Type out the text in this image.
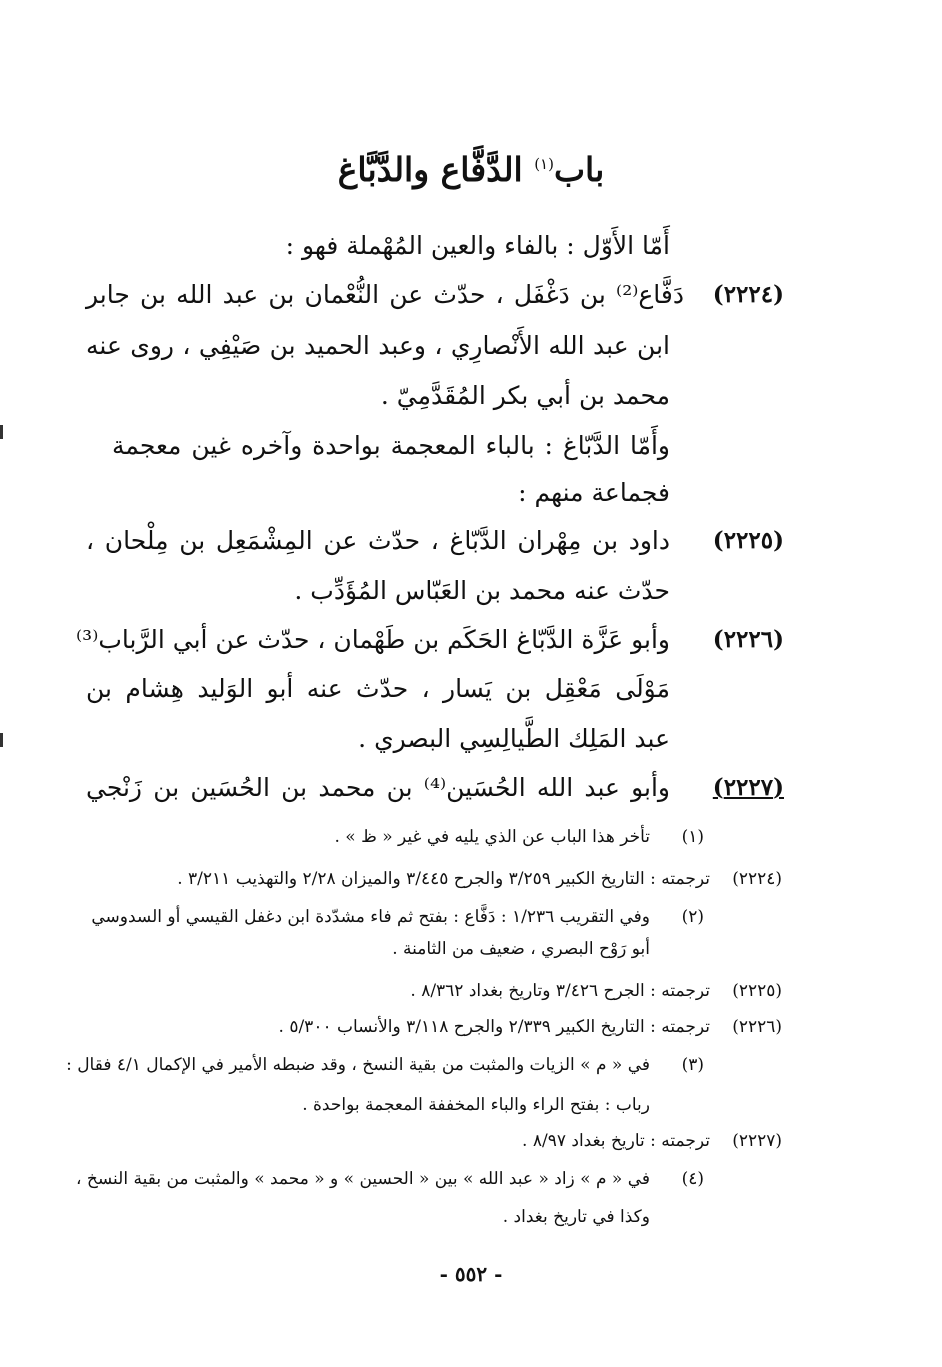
باب$^{(١)}$ الدَّفَّاع والدَّبَّاغ
أَمّا الأَوّل : بالفاء والعين المُهْملة فهو :
(٢٢٢٤)
دَفَّاع⁽²⁾ بن دَغْفَل ، حدّث عن النُّعْمان بن عبد الله بن جابر
ابن عبد الله الأَنْصارِي ، وعبد الحميد بن صَيْفِي ، روى عنه
محمد بن أبي بكر المُقَدَّمِيّ .
وأَمّا الدَّبّاغ : بالباء المعجمة بواحدة وآخره غين معجمة
فجماعة منهم :
(٢٢٢٥)
داود بن مِهْران الدَّبّاغ ، حدّث عن المِشْمَعِل بن مِلْحان ،
حدّث عنه محمد بن العَبّاس المُؤَدِّب .
(٢٢٢٦)
وأبو عَزَّة الدَّبّاغ الحَكَم بن طَهْمان ، حدّث عن أبي الرَّباب⁽³⁾
مَوْلَى مَعْقِل بن يَسار ، حدّث عنه أبو الوَليد هِشام بن
عبد المَلِك الطَّيالِسِي البصري .
(٢٢٢٧)
وأبو عبد الله الحُسَين⁽⁴⁾ بن محمد بن الحُسَين بن زَنْجي
(١)
تأخر هذا الباب عن الذي يليه في غير « ظ » .
(٢٢٢٤)
ترجمته : التاريخ الكبير ٣/٢٥٩ والجرح ٣/٤٤٥ والميزان ٢/٢٨ والتهذيب ٣/٢١١ .
(٢)
وفي التقريب ١/٢٣٦ : دَفَّاع : بفتح ثم فاء مشدّدة ابن دغفل القيسي أو السدوسي
أبو رَوْح البصري ، ضعيف من الثامنة .
(٢٢٢٥)
ترجمته : الجرح ٣/٤٢٦ وتاريخ بغداد ٨/٣٦٢ .
(٢٢٢٦)
ترجمته : التاريخ الكبير ٢/٣٣٩ والجرح ٣/١١٨ والأنساب ٥/٣٠٠ .
(٣)
في « م » الزيات والمثبت من بقية النسخ ، وقد ضبطه الأمير في الإكمال ٤/١ فقال :
رباب : بفتح الراء والباء المخففة المعجمة بواحدة .
(٢٢٢٧)
ترجمته : تاريخ بغداد ٨/٩٧ .
(٤)
في « م » زاد « عبد الله » بين « الحسين » و « محمد » والمثبت من بقية النسخ ،
وكذا في تاريخ بغداد .
- ٥٥٢ -
